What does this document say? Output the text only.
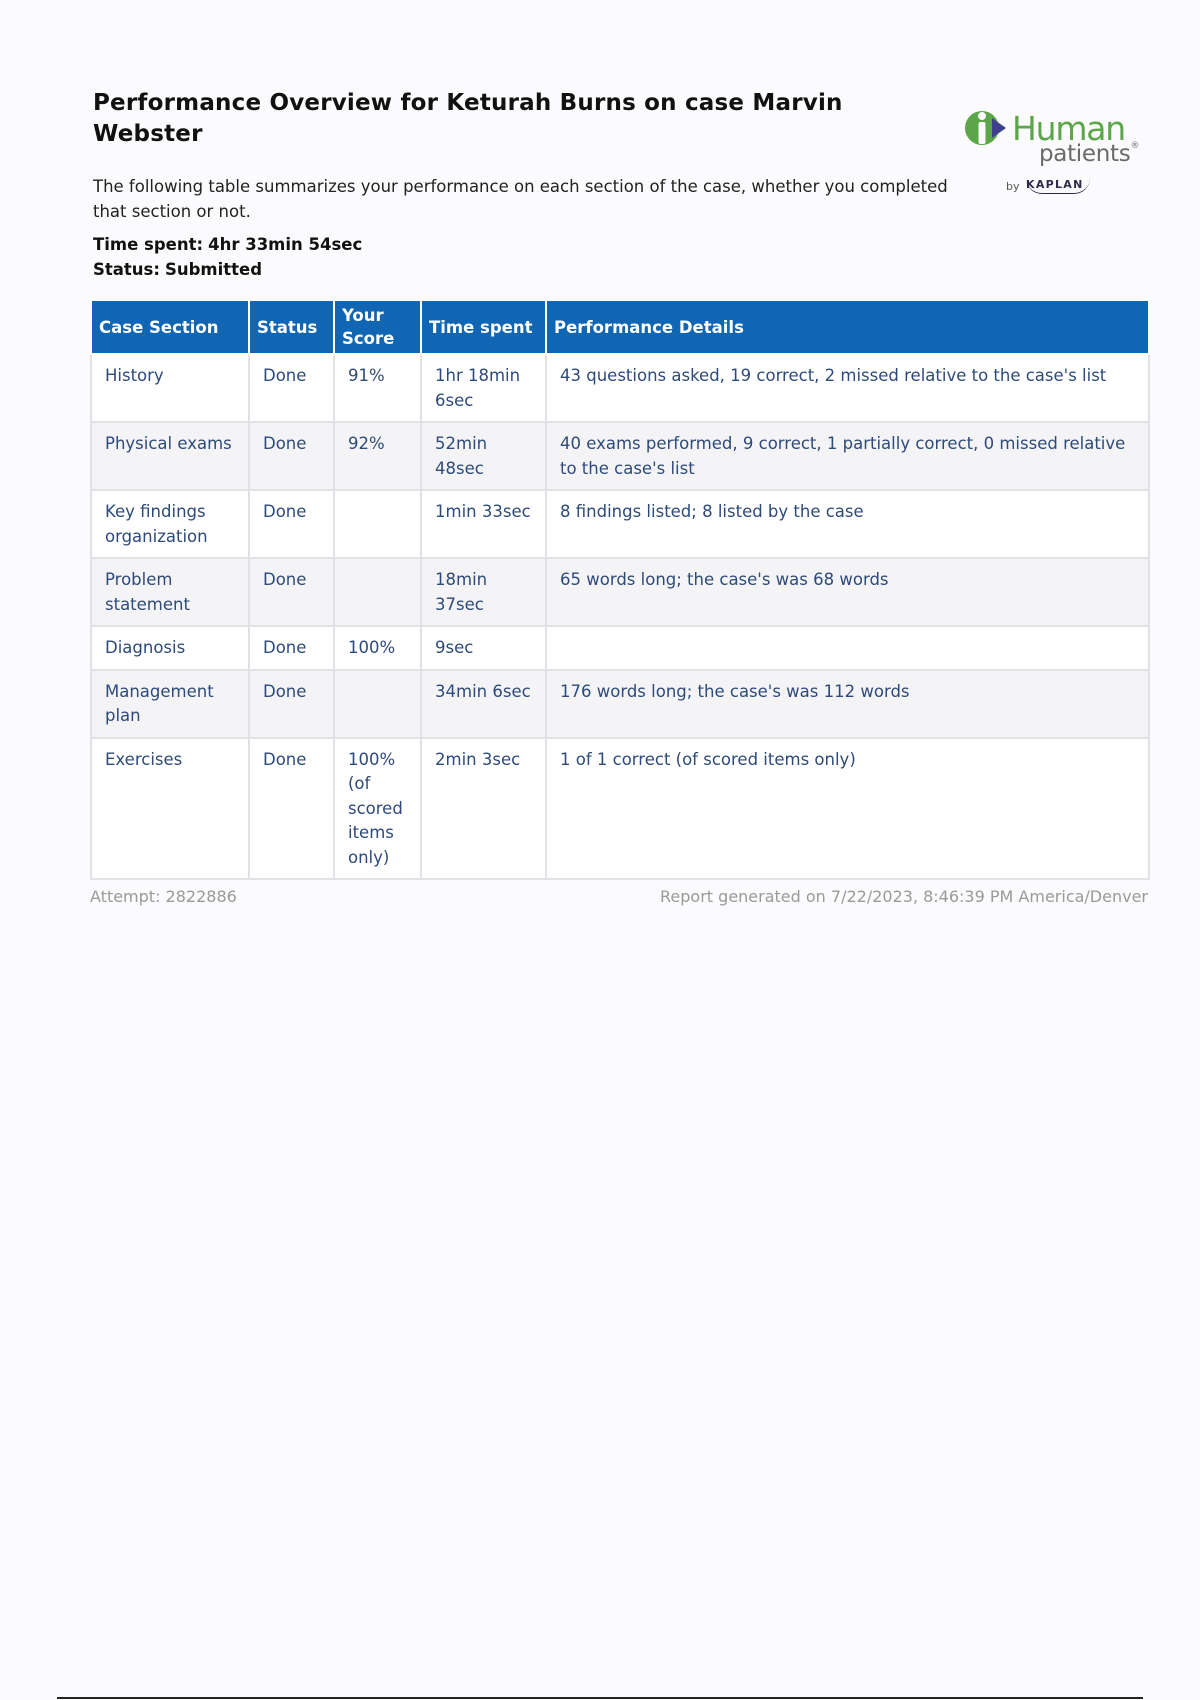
Performance Overview for Keturah Burns on case Marvin Webster	Human
patients®
by KAPLAN
The following table summarizes your performance on each section of the case, whether you completed that section or not.
Time spent: 4hr 33min 54sec
Status: Submitted
Case Section	Status	Your Score	Time spent	Performance Details
History	Done	91%	1hr 18min 6sec	43 questions asked, 19 correct, 2 missed relative to the case's list
Physical exams	Done	92%	52min 48sec	40 exams performed, 9 correct, 1 partially correct, 0 missed relative to the case's list
Key findings organization	Done		1min 33sec	8 findings listed; 8 listed by the case
Problem statement	Done		18min 37sec	65 words long; the case's was 68 words
Diagnosis	Done	100%	9sec	
Management plan	Done		34min 6sec	176 words long; the case's was 112 words
Exercises	Done	100% (of scored items only)	2min 3sec	1 of 1 correct (of scored items only)
Attempt: 2822886	Report generated on 7/22/2023, 8:46:39 PM America/Denver
